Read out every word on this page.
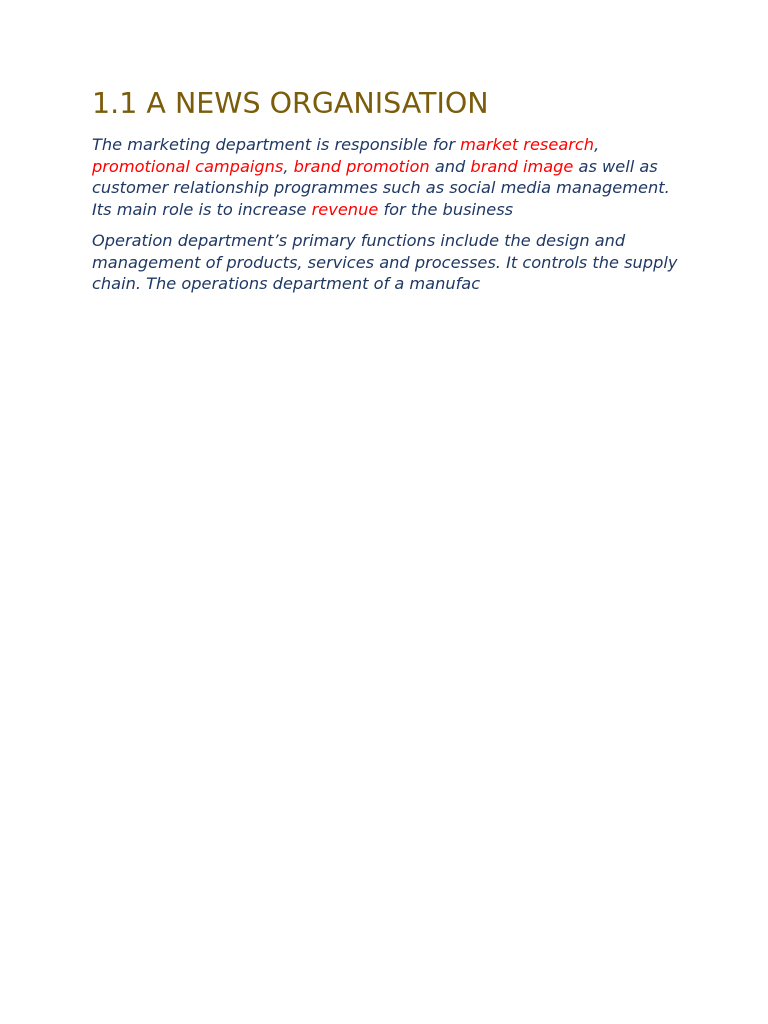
1.1 A NEWS ORGANISATION

The marketing department is responsible for market research, promotional campaigns, brand promotion and brand image as well as customer relationship programmes such as social media management. Its main role is to increase revenue for the business

Operation department’s primary functions include the design and management of products, services and processes. It controls the supply chain. The operations department of a manufac
